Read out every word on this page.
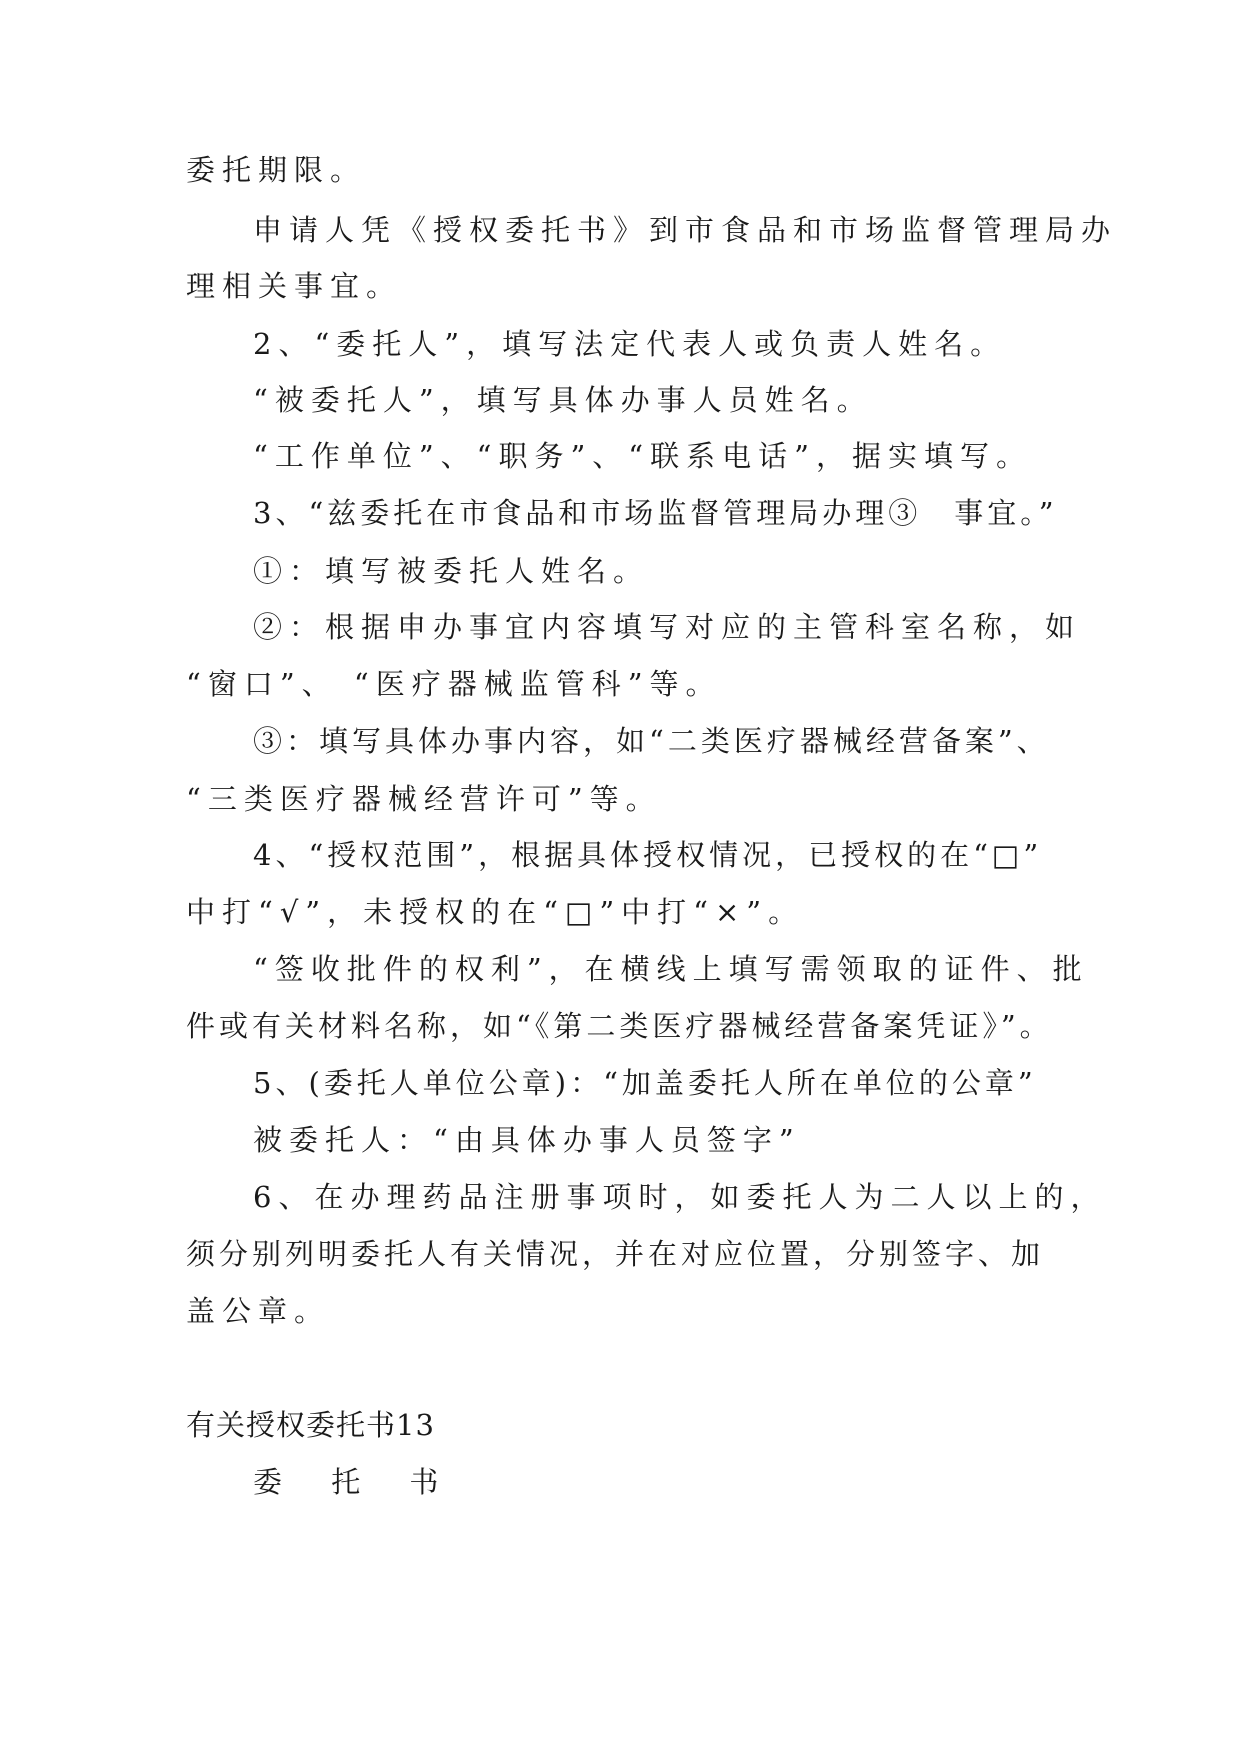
委托期限。
申请人凭《授权委托书》到市食品和市场监督管理局办
理相关事宜。
2、“委托人”，填写法定代表人或负责人姓名。
“被委托人”，填写具体办事人员姓名。
“工作单位”、“职务”、“联系电话”，据实填写。
3、“兹委托在市食品和市场监督管理局办理③　事宜。”
①：填写被委托人姓名。
②：根据申办事宜内容填写对应的主管科室名称，如
“窗口”、 “医疗器械监管科”等。
③：填写具体办事内容，如“二类医疗器械经营备案”、
“三类医疗器械经营许可”等。
4、“授权范围”，根据具体授权情况，已授权的在“□”
中打“√”，未授权的在“□”中打“×”。
“签收批件的权利”，在横线上填写需领取的证件、批
件或有关材料名称，如“《第二类医疗器械经营备案凭证》”。
5、(委托人单位公章)：“加盖委托人所在单位的公章”
被委托人：“由具体办事人员签字”
6、在办理药品注册事项时，如委托人为二人以上的，
须分别列明委托人有关情况，并在对应位置，分别签字、加
盖公章。
有关授权委托书13
委 托 书
